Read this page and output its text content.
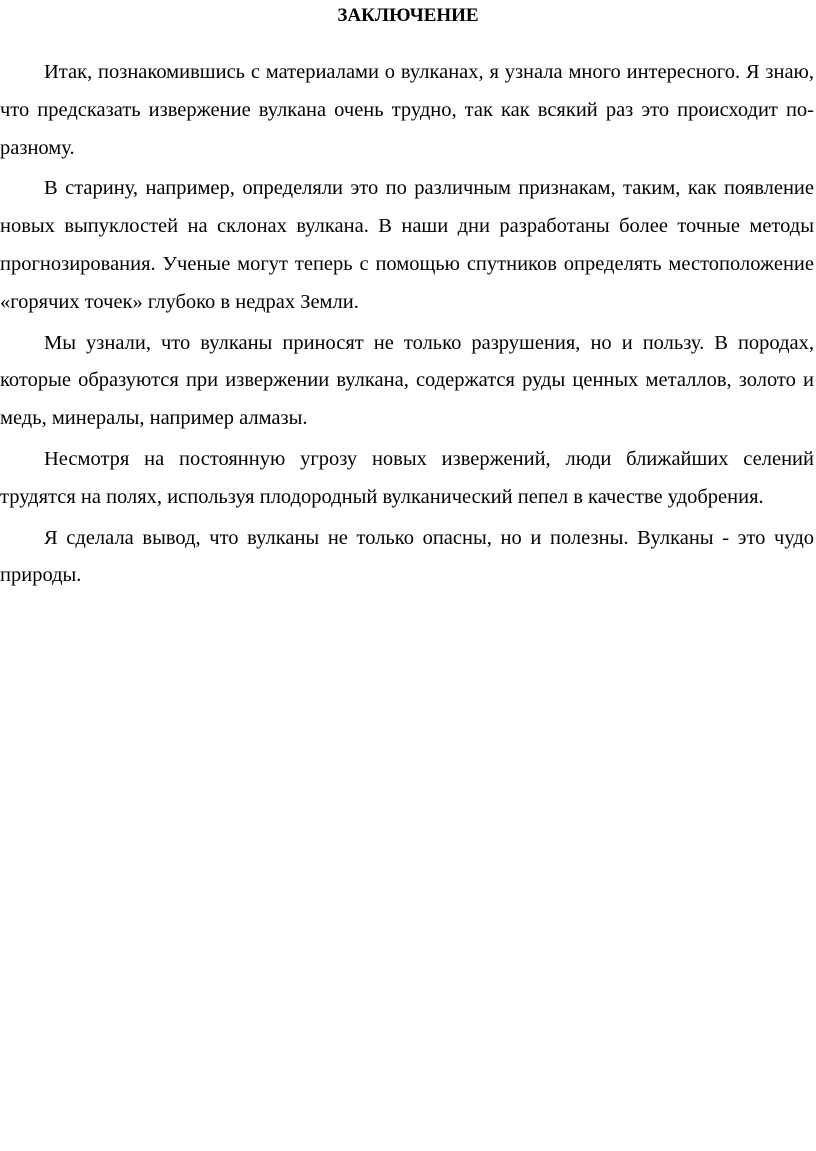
ЗАКЛЮЧЕНИЕ

Итак, познакомившись с материалами о вулканах, я узнала много интересного. Я знаю, что предсказать извержение вулкана очень трудно, так как всякий раз это происходит по-разному.

В старину, например, определяли это по различным признакам, таким, как появление новых выпуклостей на склонах вулкана. В наши дни разработаны более точные методы прогнозирования. Ученые могут теперь с помощью спутников определять местоположение «горячих точек» глубоко в недрах Земли.

Мы узнали, что вулканы приносят не только разрушения, но и пользу. В породах, которые образуются при извержении вулкана, содержатся руды ценных металлов, золото и медь, минералы, например алмазы.

Несмотря на постоянную угрозу новых извержений, люди ближайших селений трудятся на полях, используя плодородный вулканический пепел в качестве удобрения.

Я сделала вывод, что вулканы не только опасны, но и полезны. Вулканы - это чудо природы.
